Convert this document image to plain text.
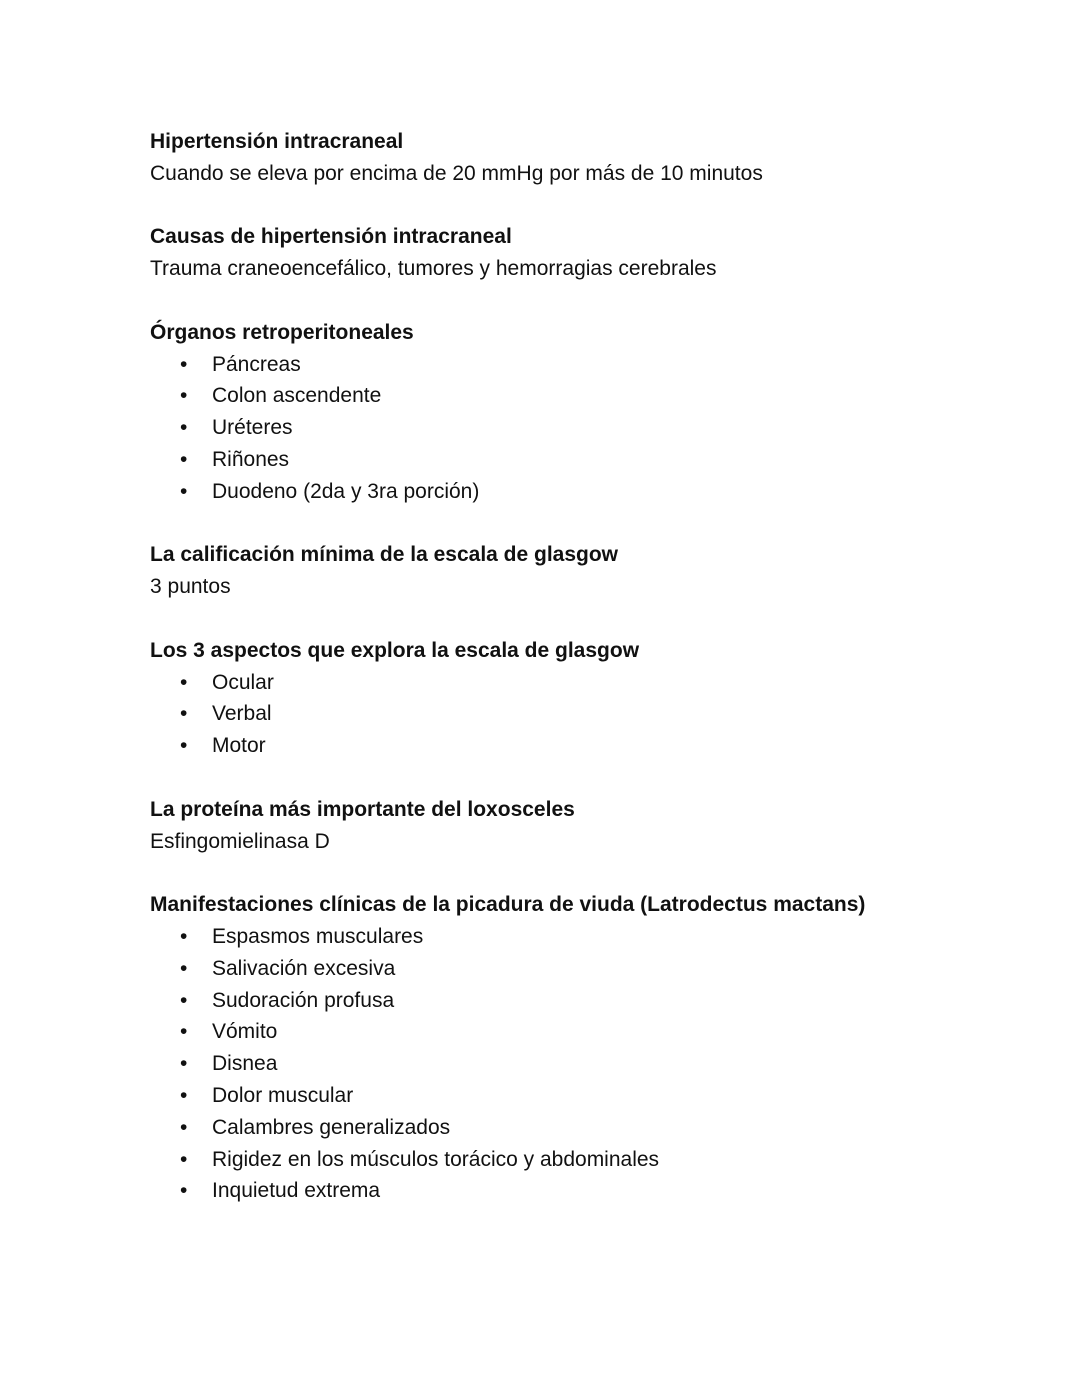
Hipertensión intracraneal
Cuando se eleva por encima de 20 mmHg por más de 10 minutos
Causas de hipertensión intracraneal
Trauma craneoencefálico, tumores y hemorragias cerebrales
Órganos retroperitoneales
• Páncreas
• Colon ascendente
• Uréteres
• Riñones
• Duodeno (2da y 3ra porción)
La calificación mínima de la escala de glasgow
3 puntos
Los 3 aspectos que explora la escala de glasgow
• Ocular
• Verbal
• Motor
La proteína más importante del loxosceles
Esfingomielinasa D
Manifestaciones clínicas de la picadura de viuda (Latrodectus mactans)
• Espasmos musculares
• Salivación excesiva
• Sudoración profusa
• Vómito
• Disnea
• Dolor muscular
• Calambres generalizados
• Rigidez en los músculos torácico y abdominales
• Inquietud extrema
